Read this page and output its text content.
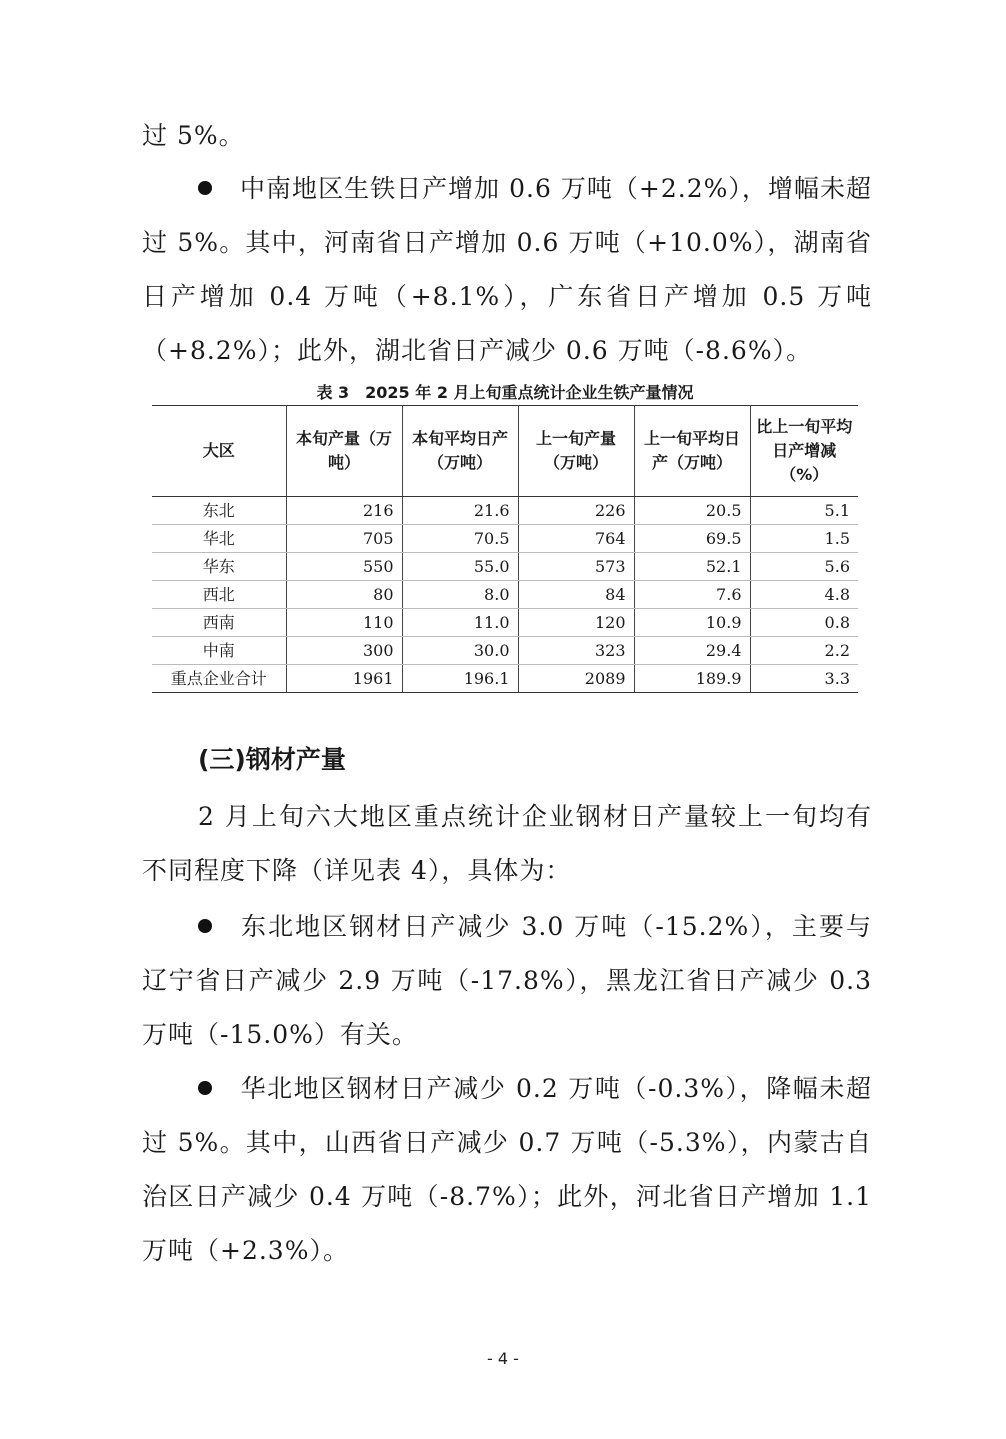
过 5%。

中南地区生铁日产增加 0.6 万吨（+2.2%），增幅未超过 5%。其中，河南省日产增加 0.6 万吨（+10.0%），湖南省日产增加 0.4 万吨（+8.1%），广东省日产增加 0.5 万吨（+8.2%）；此外，湖北省日产减少 0.6 万吨（-8.6%）。

表 3　2025 年 2 月上旬重点统计企业生铁产量情况
大区	本旬产量（万吨）	本旬平均日产（万吨）	上一旬产量（万吨）	上一旬平均日产（万吨）	比上一旬平均日产增减（%）
东北	216	21.6	226	20.5	5.1
华北	705	70.5	764	69.5	1.5
华东	550	55.0	573	52.1	5.6
西北	80	8.0	84	7.6	4.8
西南	110	11.0	120	10.9	0.8
中南	300	30.0	323	29.4	2.2
重点企业合计	1961	196.1	2089	189.9	3.3
(三)钢材产量

2 月上旬六大地区重点统计企业钢材日产量较上一旬均有不同程度下降（详见表 4），具体为：

东北地区钢材日产减少 3.0 万吨（-15.2%），主要与辽宁省日产减少 2.9 万吨（-17.8%），黑龙江省日产减少 0.3 万吨（-15.0%）有关。

华北地区钢材日产减少 0.2 万吨（-0.3%），降幅未超过 5%。其中，山西省日产减少 0.7 万吨（-5.3%），内蒙古自治区日产减少 0.4 万吨（-8.7%）；此外，河北省日产增加 1.1 万吨（+2.3%）。

- 4 -
